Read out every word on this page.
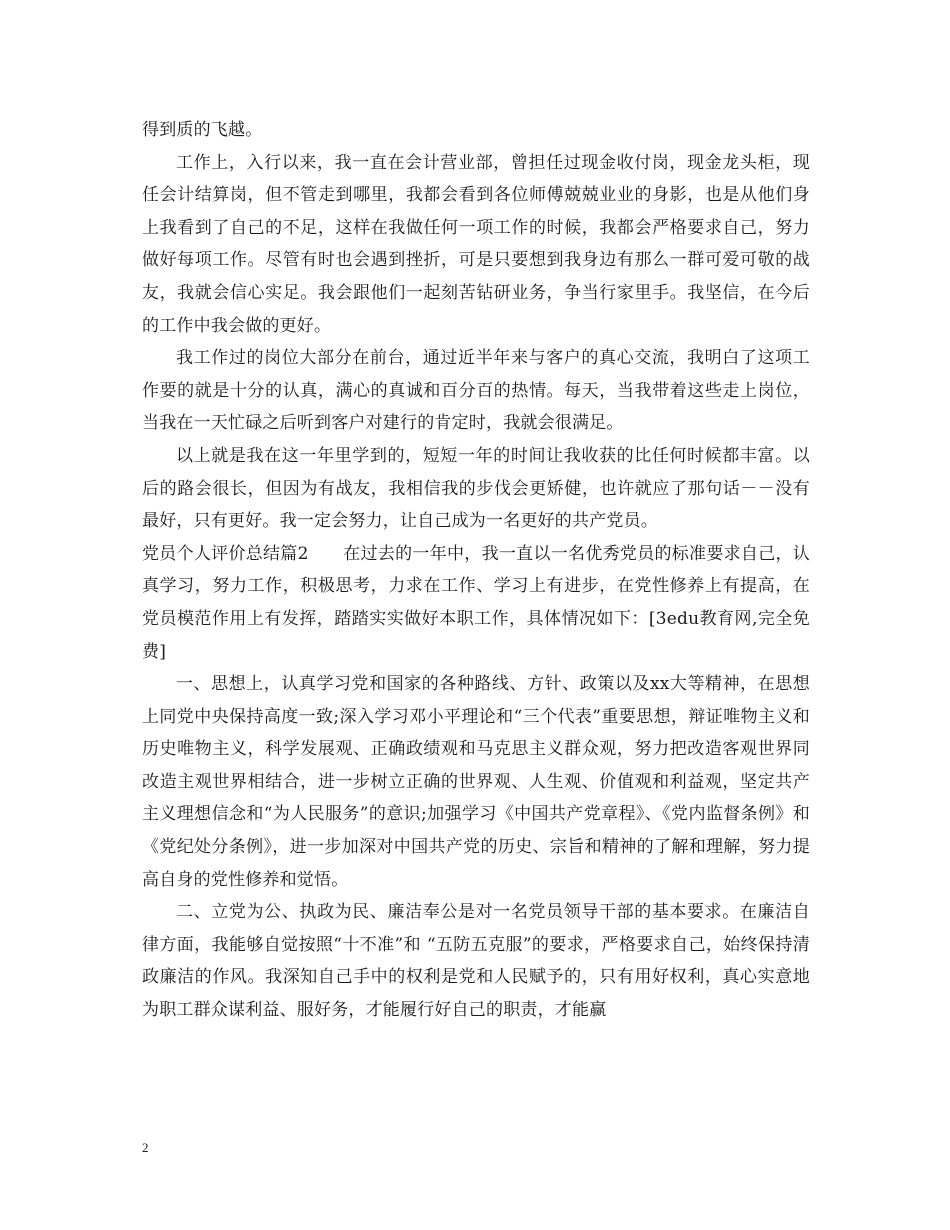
得到质的飞越。

工作上，入行以来，我一直在会计营业部，曾担任过现金收付岗，现金龙头柜，现任会计结算岗，但不管走到哪里，我都会看到各位师傅兢兢业业的身影，也是从他们身上我看到了自己的不足，这样在我做任何一项工作的时候，我都会严格要求自己，努力做好每项工作。尽管有时也会遇到挫折，可是只要想到我身边有那么一群可爱可敬的战友，我就会信心实足。我会跟他们一起刻苦钻研业务，争当行家里手。我坚信，在今后的工作中我会做的更好。

我工作过的岗位大部分在前台，通过近半年来与客户的真心交流，我明白了这项工作要的就是十分的认真，满心的真诚和百分百的热情。每天，当我带着这些走上岗位，当我在一天忙碌之后听到客户对建行的肯定时，我就会很满足。

以上就是我在这一年里学到的，短短一年的时间让我收获的比任何时候都丰富。以后的路会很长，但因为有战友，我相信我的步伐会更矫健，也许就应了那句话－－没有最好，只有更好。我一定会努力，让自己成为一名更好的共产党员。

党员个人评价总结篇2　　在过去的一年中，我一直以一名优秀党员的标准要求自己，认真学习，努力工作，积极思考，力求在工作、学习上有进步，在党性修养上有提高，在党员模范作用上有发挥，踏踏实实做好本职工作，具体情况如下：[3edu教育网,完全免费]

一、思想上，认真学习党和国家的各种路线、方针、政策以及xx大等精神，在思想上同党中央保持高度一致;深入学习邓小平理论和“三个代表”重要思想，辩证唯物主义和历史唯物主义，科学发展观、正确政绩观和马克思主义群众观，努力把改造客观世界同改造主观世界相结合，进一步树立正确的世界观、人生观、价值观和利益观，坚定共产主义理想信念和“为人民服务”的意识;加强学习《中国共产党章程》、《党内监督条例》和《党纪处分条例》，进一步加深对中国共产党的历史、宗旨和精神的了解和理解，努力提高自身的党性修养和觉悟。

二、立党为公、执政为民、廉洁奉公是对一名党员领导干部的基本要求。在廉洁自律方面，我能够自觉按照“十不准”和 “五防五克服”的要求，严格要求自己，始终保持清政廉洁的作风。我深知自己手中的权利是党和人民赋予的，只有用好权利，真心实意地为职工群众谋利益、服好务，才能履行好自己的职责，才能赢

2
